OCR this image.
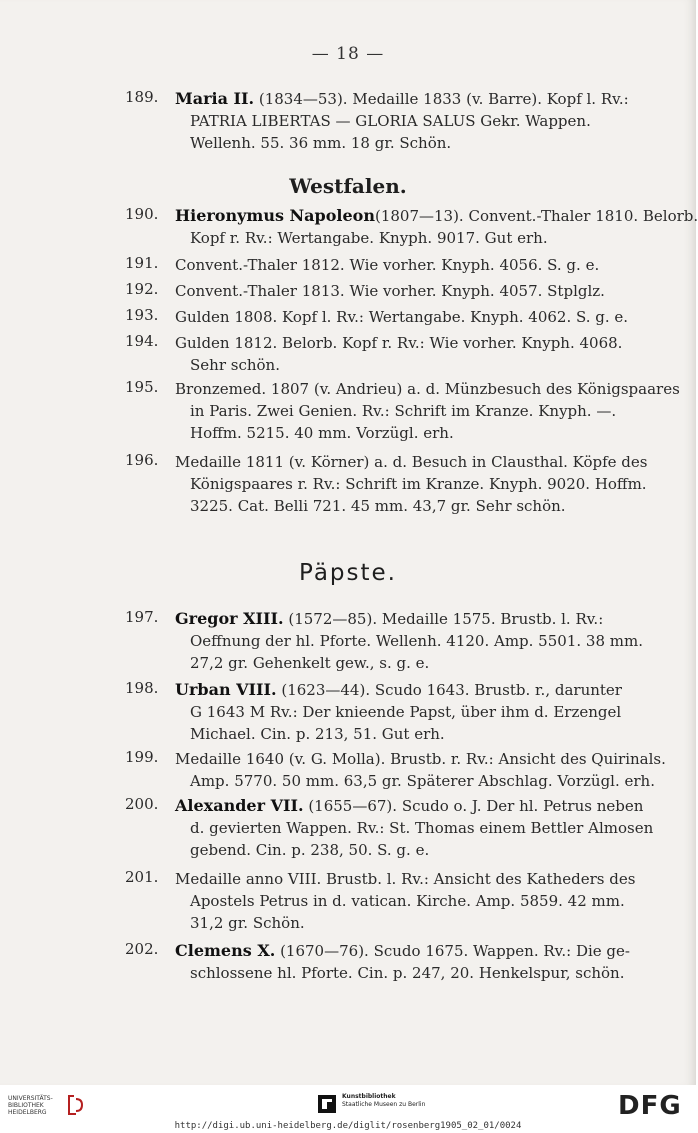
— 18 —
Westfalen.
Päpste.
189. Maria II. (1834—53). Medaille 1833 (v. Barre). Kopf l. Rv.:
PATRIA LIBERTAS — GLORIA SALUS Gekr. Wappen.
Wellenh. 55. 36 mm. 18 gr. Schön.
190. Hieronymus Napoleon(1807—13). Convent.-Thaler 1810. Belorb.
Kopf r. Rv.: Wertangabe. Knyph. 9017. Gut erh.
191. Convent.-Thaler 1812. Wie vorher. Knyph. 4056. S. g. e.
192. Convent.-Thaler 1813. Wie vorher. Knyph. 4057. Stplglz.
193. Gulden 1808. Kopf l. Rv.: Wertangabe. Knyph. 4062. S. g. e.
194. Gulden 1812. Belorb. Kopf r. Rv.: Wie vorher. Knyph. 4068.
Sehr schön.
195. Bronzemed. 1807 (v. Andrieu) a. d. Münzbesuch des Königspaares
in Paris. Zwei Genien. Rv.: Schrift im Kranze. Knyph. —.
Hoffm. 5215. 40 mm. Vorzügl. erh.
196. Medaille 1811 (v. Körner) a. d. Besuch in Clausthal. Köpfe des
Königspaares r. Rv.: Schrift im Kranze. Knyph. 9020. Hoffm.
3225. Cat. Belli 721. 45 mm. 43,7 gr. Sehr schön.
197. Gregor XIII. (1572—85). Medaille 1575. Brustb. l. Rv.:
Oeffnung der hl. Pforte. Wellenh. 4120. Amp. 5501. 38 mm.
27,2 gr. Gehenkelt gew., s. g. e.
198. Urban VIII. (1623—44). Scudo 1643. Brustb. r., darunter
G 1643 M Rv.: Der knieende Papst, über ihm d. Erzengel
Michael. Cin. p. 213, 51. Gut erh.
199. Medaille 1640 (v. G. Molla). Brustb. r. Rv.: Ansicht des Quirinals.
Amp. 5770. 50 mm. 63,5 gr. Späterer Abschlag. Vorzügl. erh.
200. Alexander VII. (1655—67). Scudo o. J. Der hl. Petrus neben
d. gevierten Wappen. Rv.: St. Thomas einem Bettler Almosen
gebend. Cin. p. 238, 50. S. g. e.
201. Medaille anno VIII. Brustb. l. Rv.: Ansicht des Katheders des
Apostels Petrus in d. vatican. Kirche. Amp. 5859. 42 mm.
31,2 gr. Schön.
202. Clemens X. (1670—76). Scudo 1675. Wappen. Rv.: Die ge-
schlossene hl. Pforte. Cin. p. 247, 20. Henkelspur, schön.
UNIVERSITÄTS-
BIBLIOTHEK
HEIDELBERG
Kunstbibliothek
Staatliche Museen zu Berlin	DFG
http://digi.ub.uni-heidelberg.de/diglit/rosenberg1905_02_01/0024
